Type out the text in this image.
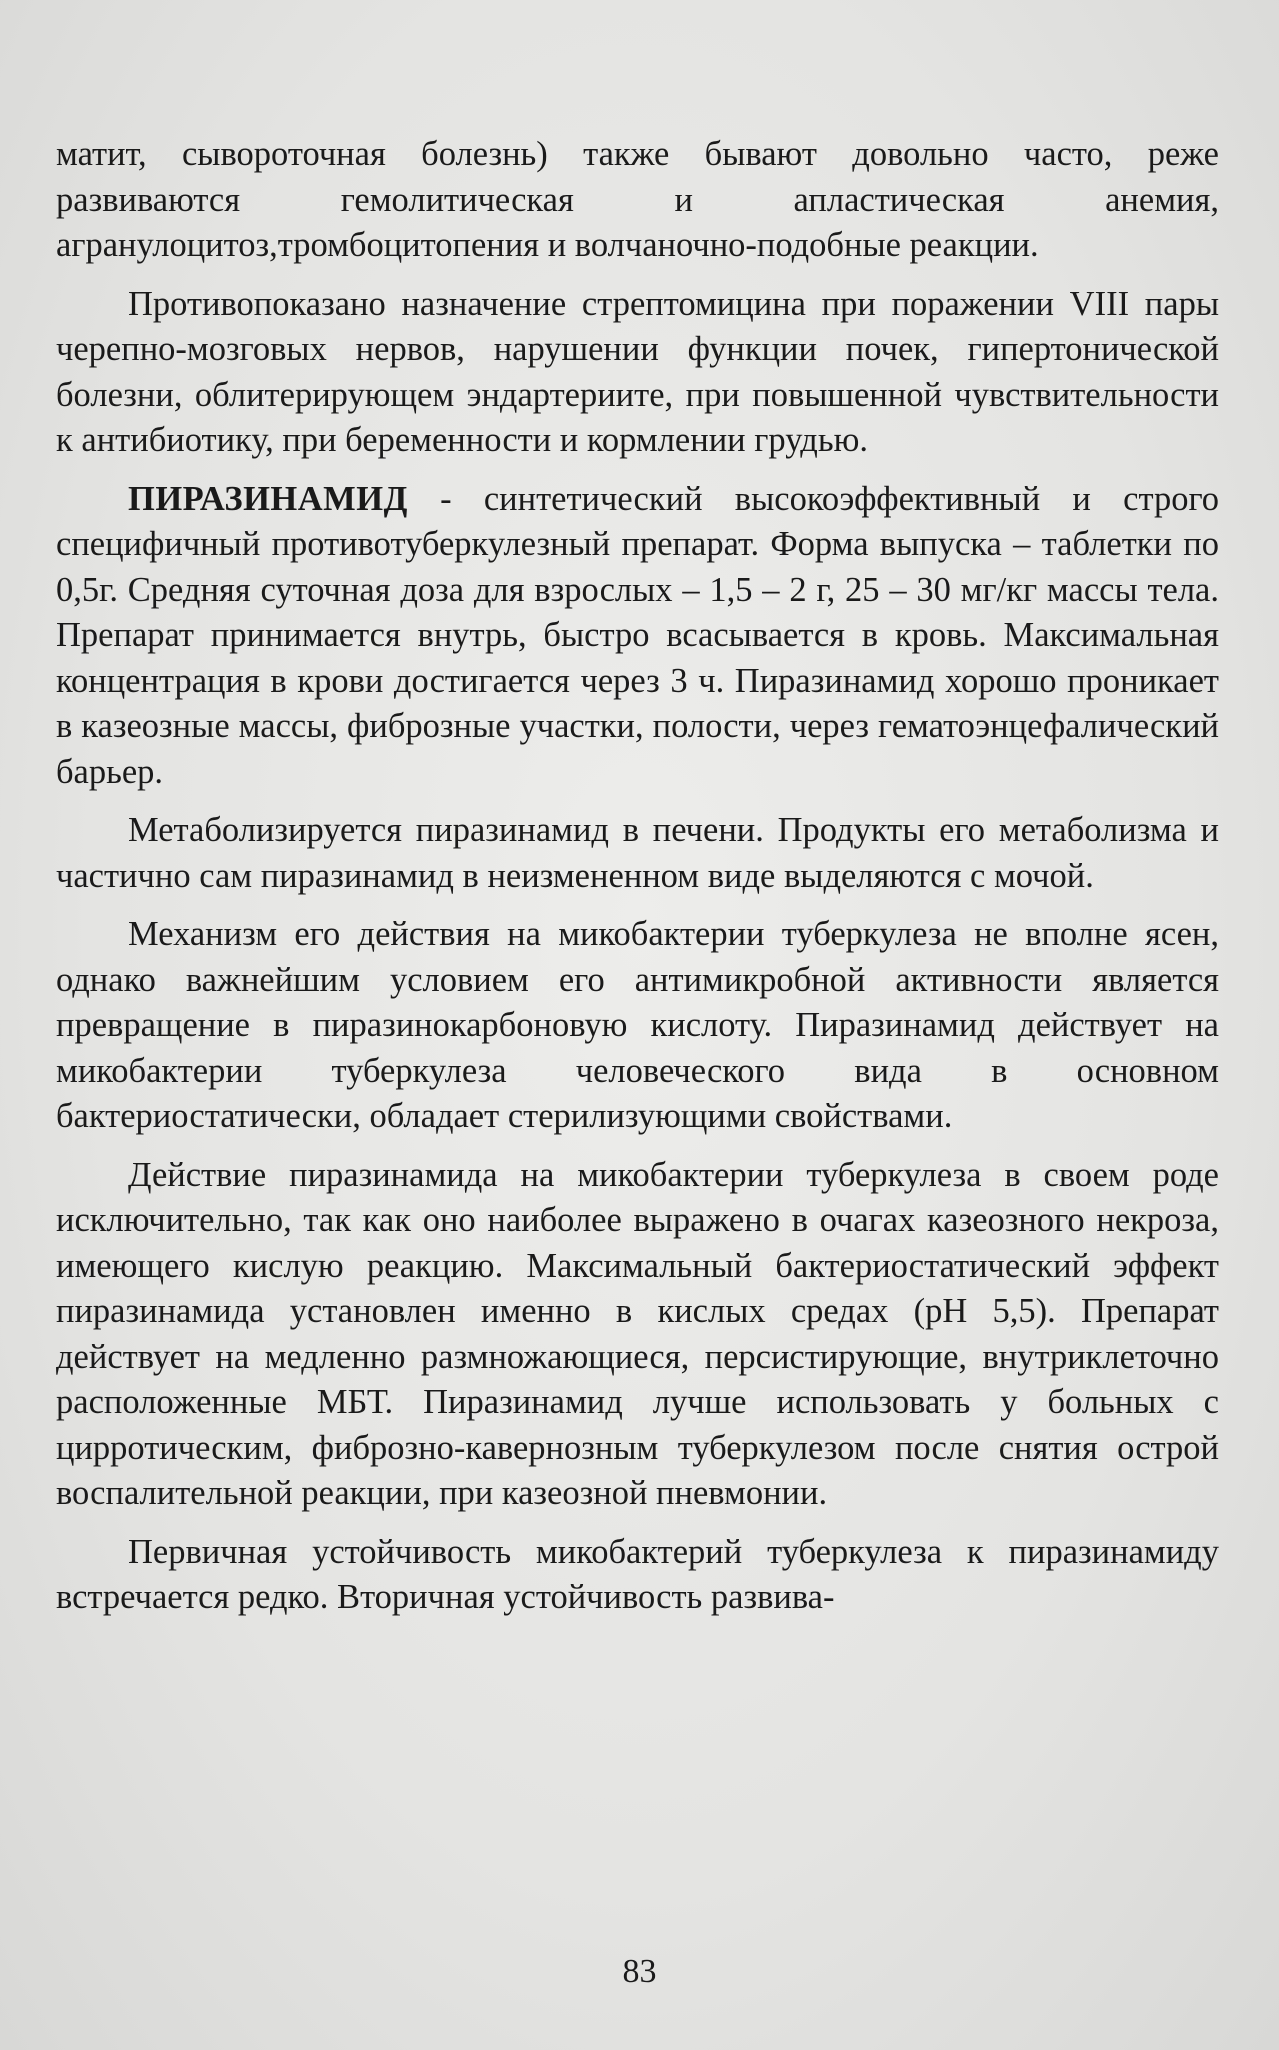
матит, сывороточная болезнь) также бывают довольно часто, реже развиваются гемолитическая и апластическая анемия, агранулоцитоз,тромбоцитопения и волчаночно-подобные реакции.

Противопоказано назначение стрептомицина при поражении VIII пары черепно-мозговых нервов, нарушении функции почек, гипертонической болезни, облитерирующем эндартериите, при повышенной чувствительности к антибиотику, при беременности и кормлении грудью.

ПИРАЗИНАМИД - синтетический высокоэффективный и строго специфичный противотуберкулезный препарат. Форма выпуска – таблетки по 0,5г. Средняя суточная доза для взрослых – 1,5 – 2 г, 25 – 30 мг/кг массы тела. Препарат принимается внутрь, быстро всасывается в кровь. Максимальная концентрация в крови достигается через 3 ч. Пиразинамид хорошо проникает в казеозные массы, фиброзные участки, полости, через гематоэнцефалический барьер.

Метаболизируется пиразинамид в печени. Продукты его метаболизма и частично сам пиразинамид в неизмененном виде выделяются с мочой.

Механизм его действия на микобактерии туберкулеза не вполне ясен, однако важнейшим условием его антимикробной активности является превращение в пиразинокарбоновую кислоту. Пиразинамид действует на микобактерии туберкулеза человеческого вида в основном бактериостатически, обладает стерилизующими свойствами.

Действие пиразинамида на микобактерии туберкулеза в своем роде исключительно, так как оно наиболее выражено в очагах казеозного некроза, имеющего кислую реакцию. Максимальный бактериостатический эффект пиразинамида установлен именно в кислых средах (рН 5,5). Препарат действует на медленно размножающиеся, персистирующие, внутриклеточно расположенные МБТ. Пиразинамид лучше использовать у больных с цирротическим, фиброзно-кавернозным туберкулезом после снятия острой воспалительной реакции, при казеозной пневмонии.

Первичная устойчивость микобактерий туберкулеза к пиразинамиду встречается редко. Вторичная устойчивость развива-

83
